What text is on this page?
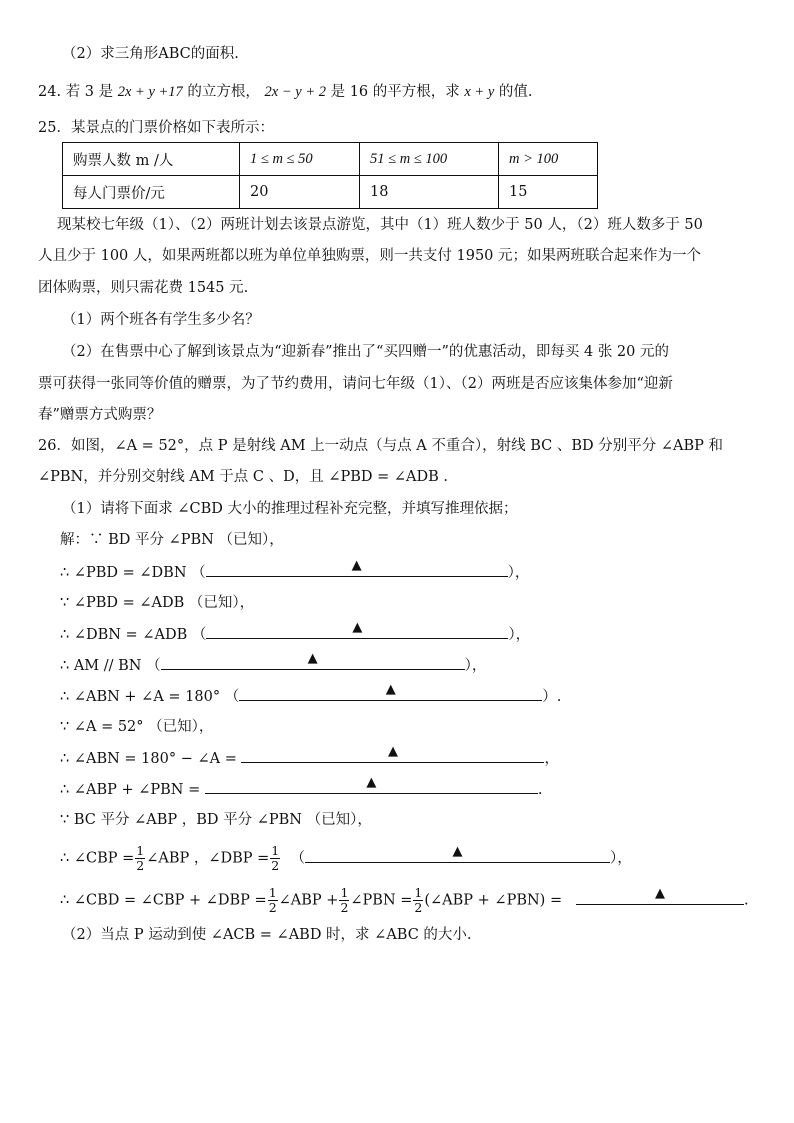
（2）求三角形ABC的面积.
24. 若 3 是 2x + y +17 的立方根， 2x − y + 2 是 16 的平方根，求 x + y 的值.
25．某景点的门票价格如下表所示：
购票人数 m /人	1 ≤ m ≤ 50	51 ≤ m ≤ 100	m > 100
每人门票价/元	20	18	15
现某校七年级（1）、（2）两班计划去该景点游览，其中（1）班人数少于 50 人，（2）班人数多于 50
人且少于 100 人，如果两班都以班为单位单独购票，则一共支付 1950 元；如果两班联合起来作为一个
团体购票，则只需花费 1545 元.
（1）两个班各有学生多少名？
（2）在售票中心了解到该景点为“迎新春”推出了“买四赠一”的优惠活动，即每买 4 张 20 元的
票可获得一张同等价值的赠票，为了节约费用，请问七年级（1）、（2）两班是否应该集体参加“迎新
春”赠票方式购票？
26．如图，∠A = 52°，点 P 是射线 AM 上一动点（与点 A 不重合），射线 BC 、BD 分别平分 ∠ABP 和
∠PBN，并分别交射线 AM 于点 C 、D，且 ∠PBD = ∠ADB .
（1）请将下面求 ∠CBD 大小的推理过程补充完整，并填写推理依据；
解：∵ BD 平分 ∠PBN （已知），
∴ ∠PBD = ∠DBN （	▲	），
∵ ∠PBD = ∠ADB （已知），
∴ ∠DBN = ∠ADB （	▲	），
∴ AM // BN （	▲	），
∴ ∠ABN + ∠A = 180° （	▲	）.
∵ ∠A = 52° （已知），
∴ ∠ABN = 180° − ∠A =	▲	，
∴ ∠ABP + ∠PBN =	▲	.
∵ BC 平分 ∠ABP ，BD 平分 ∠PBN （已知），
∴ ∠CBP = $\frac{1}{2}$ ∠ABP ，∠DBP = $\frac{1}{2}$ （	▲	），
∴ ∠CBD = ∠CBP + ∠DBP = $\frac{1}{2}$ ∠ABP + $\frac{1}{2}$ ∠PBN = $\frac{1}{2}$ (∠ABP + ∠PBN) =	▲	.
（2）当点 P 运动到使 ∠ACB = ∠ABD 时，求 ∠ABC 的大小.
